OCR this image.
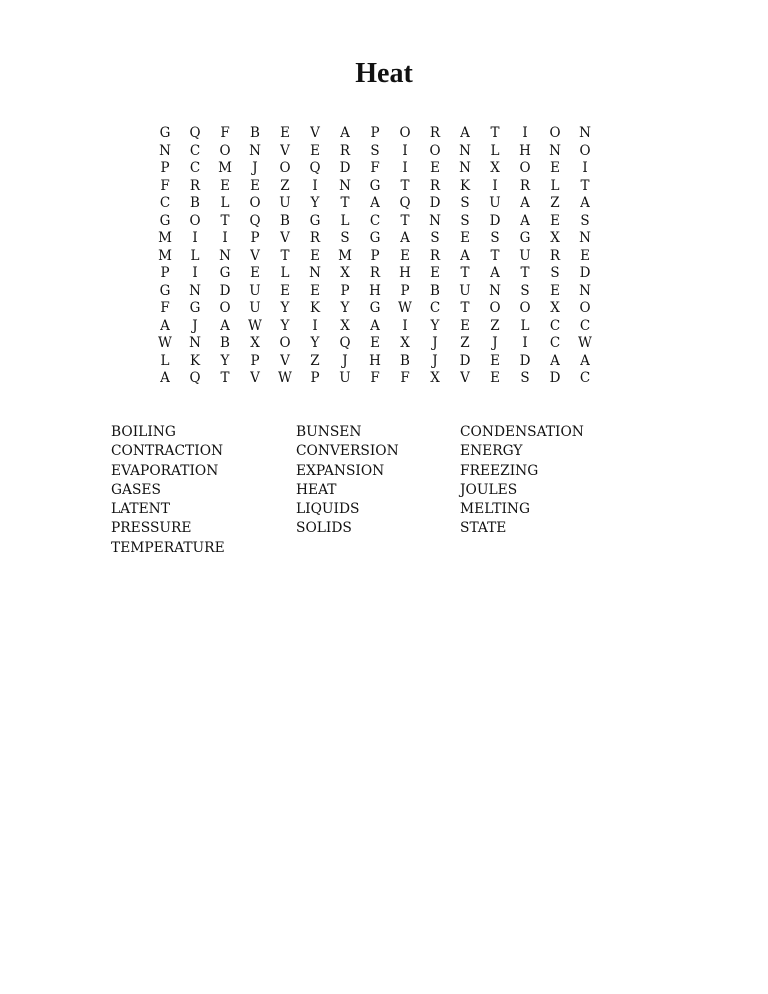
Heat
G	Q	F	B	E	V	A	P	O	R	A	T	I	O	N
N	C	O	N	V	E	R	S	I	O	N	L	H	N	O
P	C	M	J	O	Q	D	F	I	E	N	X	O	E	I
F	R	E	E	Z	I	N	G	T	R	K	I	R	L	T
C	B	L	O	U	Y	T	A	Q	D	S	U	A	Z	A
G	O	T	Q	B	G	L	C	T	N	S	D	A	E	S
M	I	I	P	V	R	S	G	A	S	E	S	G	X	N
M	L	N	V	T	E	M	P	E	R	A	T	U	R	E
P	I	G	E	L	N	X	R	H	E	T	A	T	S	D
G	N	D	U	E	E	P	H	P	B	U	N	S	E	N
F	G	O	U	Y	K	Y	G	W	C	T	O	O	X	O
A	J	A	W	Y	I	X	A	I	Y	E	Z	L	C	C
W	N	B	X	O	Y	Q	E	X	J	Z	J	I	C	W
L	K	Y	P	V	Z	J	H	B	J	D	E	D	A	A
A	Q	T	V	W	P	U	F	F	X	V	E	S	D	C
BOILING	BUNSEN	CONDENSATION
CONTRACTION	CONVERSION	ENERGY
EVAPORATION	EXPANSION	FREEZING
GASES	HEAT	JOULES
LATENT	LIQUIDS	MELTING
PRESSURE	SOLIDS	STATE
TEMPERATURE
